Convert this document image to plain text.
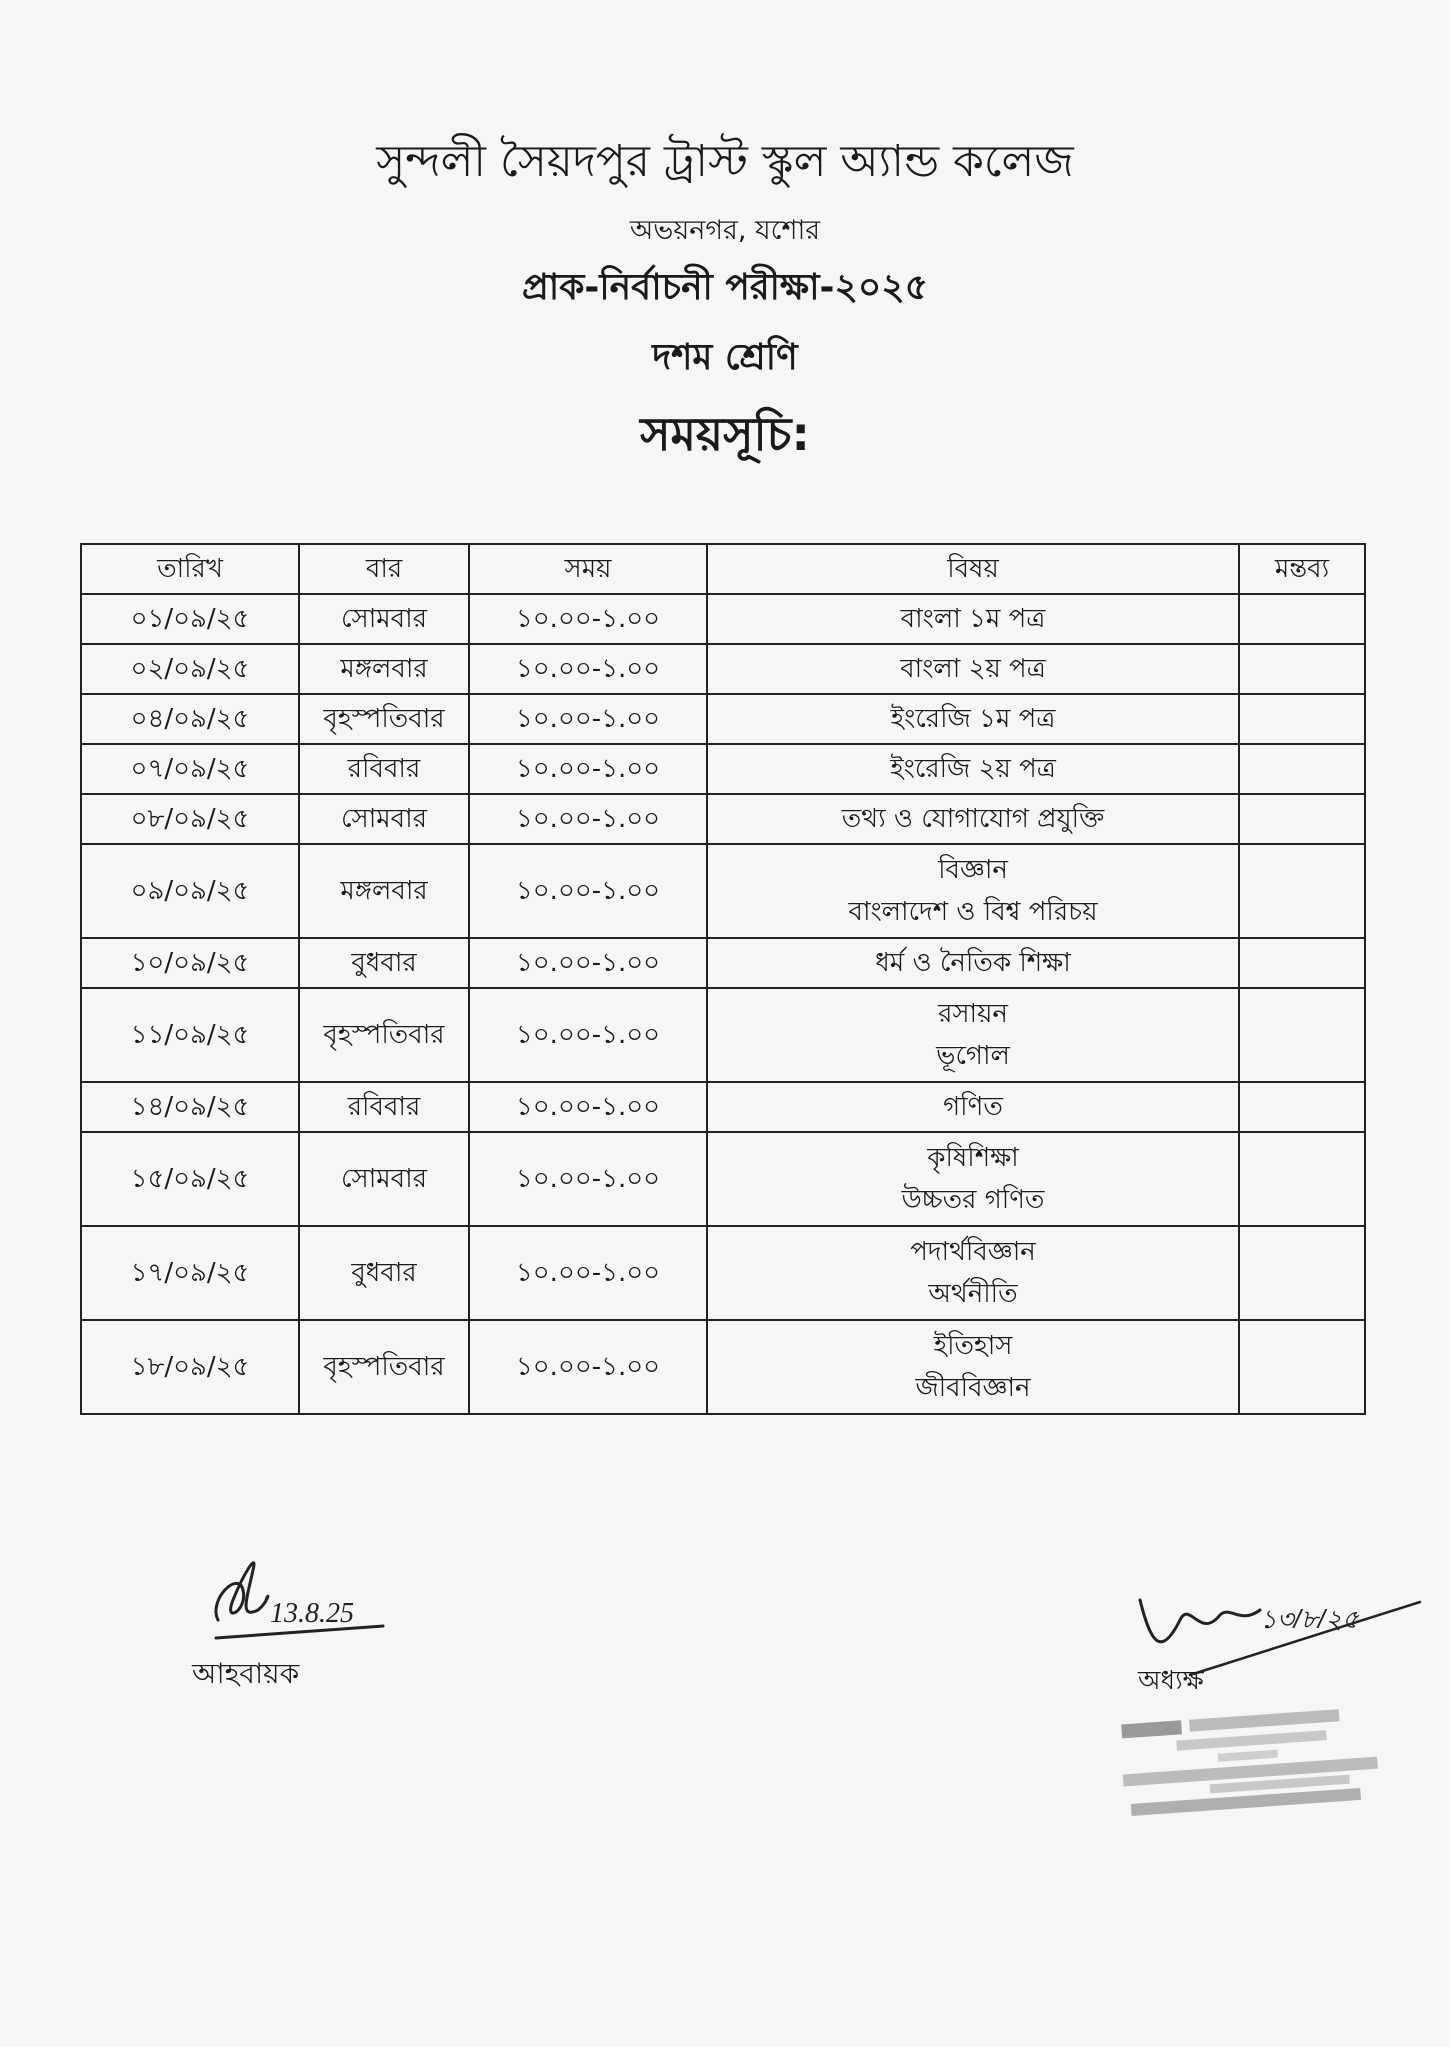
সুন্দলী সৈয়দপুর ট্রাস্ট স্কুল অ্যান্ড কলেজ
অভয়নগর, যশোর
প্রাক-নির্বাচনী পরীক্ষা-২০২৫
দশম শ্রেণি
সময়সূচি:
তারিখ	বার	সময়	বিষয়	মন্তব্য
০১/০৯/২৫	সোমবার	১০.০০-১.০০	বাংলা ১ম পত্র	

০২/০৯/২৫	মঙ্গলবার	১০.০০-১.০০	বাংলা ২য় পত্র	

০৪/০৯/২৫	বৃহস্পতিবার	১০.০০-১.০০	ইংরেজি ১ম পত্র	

০৭/০৯/২৫	রবিবার	১০.০০-১.০০	ইংরেজি ২য় পত্র	

০৮/০৯/২৫	সোমবার	১০.০০-১.০০	তথ্য ও যোগাযোগ প্রযুক্তি	

০৯/০৯/২৫	মঙ্গলবার	১০.০০-১.০০	বিজ্ঞান
বাংলাদেশ ও বিশ্ব পরিচয়	

১০/০৯/২৫	বুধবার	১০.০০-১.০০	ধর্ম ও নৈতিক শিক্ষা	

১১/০৯/২৫	বৃহস্পতিবার	১০.০০-১.০০	রসায়ন
ভূগোল	

১৪/০৯/২৫	রবিবার	১০.০০-১.০০	গণিত	

১৫/০৯/২৫	সোমবার	১০.০০-১.০০	কৃষিশিক্ষা
উচ্চতর গণিত	

১৭/০৯/২৫	বুধবার	১০.০০-১.০০	পদার্থবিজ্ঞান
অর্থনীতি	

১৮/০৯/২৫	বৃহস্পতিবার	১০.০০-১.০০	ইতিহাস
জীববিজ্ঞান	

13.8.25
আহবায়ক
১৩/৮/২৫
অধ্যক্ষ
